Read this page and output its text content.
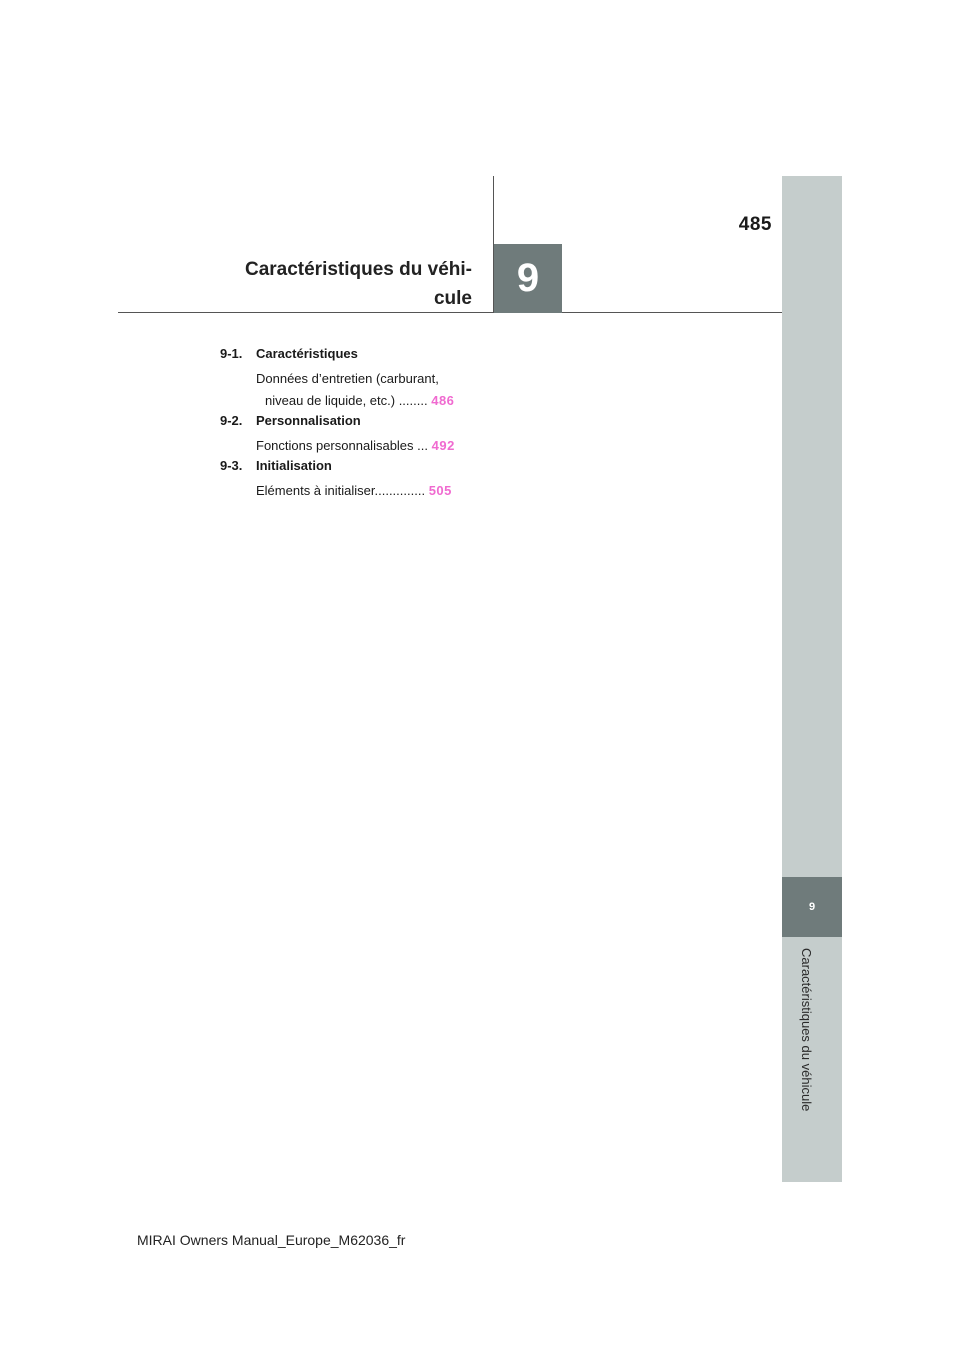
9
Caractéristiques du véhicule
485
Caractéristiques du véhi-
cule 9
9-1. Caractéristiques
Données d’entretien (carburant,
niveau de liquide, etc.) ........ 486
9-2. Personnalisation
Fonctions personnalisables ... 492
9-3. Initialisation
Eléments à initialiser.............. 505
MIRAI Owners Manual_Europe_M62036_fr
